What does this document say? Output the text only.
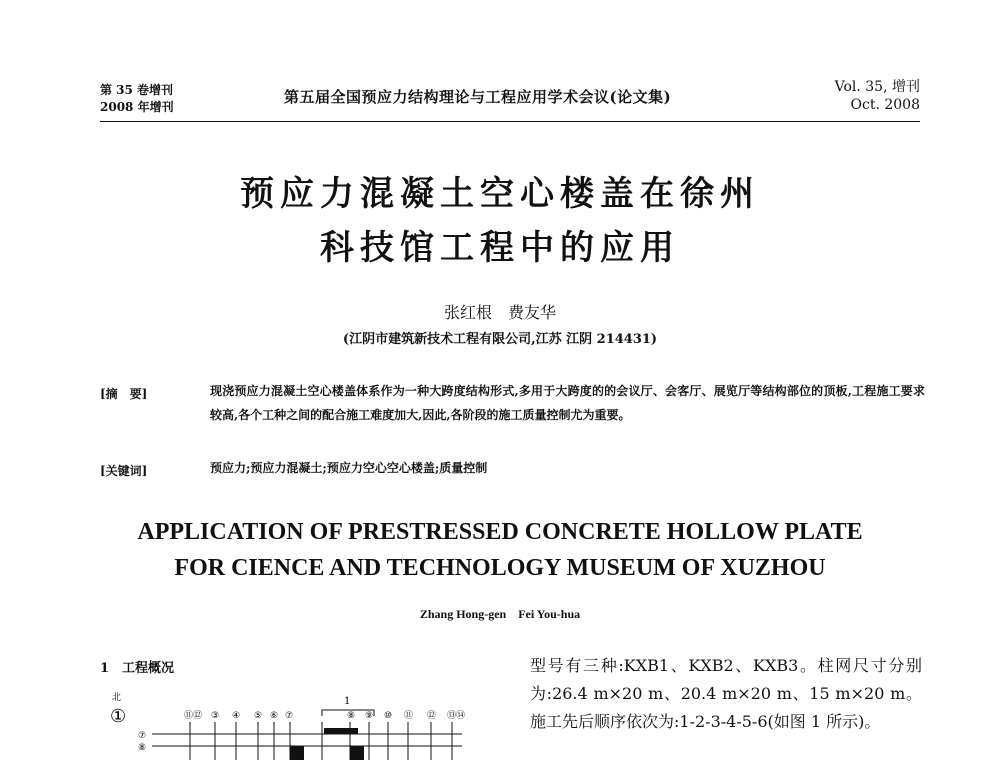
第 35 卷增刊
2008 年增刊
第五届全国预应力结构理论与工程应用学术会议(论文集)
Vol. 35, 增刊
Oct. 2008
预应力混凝土空心楼盖在徐州
科技馆工程中的应用
张红根　费友华
(江阴市建筑新技术工程有限公司,江苏 江阴 214431)
[摘　要]	现浇预应力混凝土空心楼盖体系作为一种大跨度结构形式,多用于大跨度的的会议厅、会客厅、展览厅等结构部位的顶板,工程施工要求较高,各个工种之间的配合施工难度加大,因此,各阶段的施工质量控制尤为重要。
[关键词]	预应力;预应力混凝土;预应力空心空心楼盖;质量控制
APPLICATION OF PRESTRESSED CONCRETE HOLLOW PLATE
FOR CIENCE AND TECHNOLOGY MUSEUM OF XUZHOU
Zhang Hong-gen　Fei You-hua
1　工程概况	型号有三种:KXB1、KXB2、KXB3。柱网尺寸分别为:26.4 m×20 m、20.4 m×20 m、15 m×20 m。施工先后顺序依次为:1-2-3-4-5-6(如图 1 所示)。
北
①
1
⑪⑫ ③ ④ ⑤ ⑥ ⑦	⑧ ⑨ ⑩ ⑪ ⑫ ⑬⑭
⑦
⑧
